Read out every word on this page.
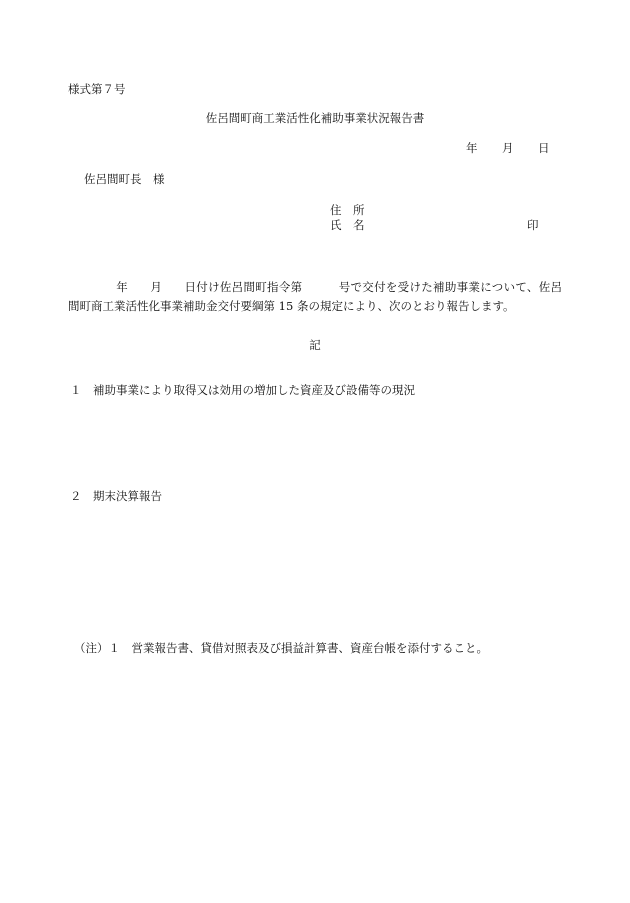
様式第７号
佐呂間町商工業活性化補助事業状況報告書
年 月 日
佐呂間町長　様
住　所
氏　名	印
年 月 日付け佐呂間町指令第	号で交付を受けた補助事業について、佐呂間町商工業活性化事業補助金交付要綱第 15 条の規定により、次のとおり報告します。
記
１ 補助事業により取得又は効用の増加した資産及び設備等の現況
２ 期末決算報告
（注）１　営業報告書、貸借対照表及び損益計算書、資産台帳を添付すること。
